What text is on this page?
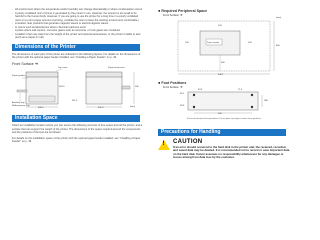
- All environment where the temperature and/or humidity can change dramatically or where condensation occurs
- A poorly ventilated room (Ozone is generated by the printer in use. However, the amount is too small to be harmful to the human body. However, if you are going to use the printer for a long time in a poorly ventilated room or to print a large amount of printing, ventilate the room to keep the working environment comfortable.)
- A location near products that generate magnetic waves or electromagnetic waves
- In rooms such as laboratories where chemical reactions occur
- A place where salt content, corrosive gases such as ammonia, or toxic gases are contained
- A platform that may warp from the weight of the printer and optional accessories, or the printer is liable to sink (such as a carpet or mat)
Dimensions of the Printer

The dimensions of each part of the printer are indicated in the following figures. For details on the dimensions of the printer with the optional paper feeder installed, see "Installing a Paper Feeder" on p. 49.

Front Surface ➜
Paper guides
Top cover
Auxiliary tray
Multi-purpose tray
Paper feed cover
406.9	401.6
196
364.5
311.4
(mm)
Installation Space

Select an installation location where you can secure the following amounts of free space around the printer, and a surface that can support the weight of the printer. The dimensions of the space required around the components and the positions of the feet are as follows.

For details on the installation space of the printer with the optional paper feeder installed, see "Installing a Paper Feeder" on p. 49.

● Required Peripheral Space
Front Surface ➜
(mm)
Paper cassette
100
100	100
500
608.1
800
● Foot Positions
Front Surface ➜
345
288
46.1
38.3
63.5	71.4
The marks denote the foot positions. Do not place any objects under these positions.
Precautions for Handling
! CAUTION
If an error should occurred to the hard disk in the printer unit, the received, recorded, and saved data may be deleted. It is recommended not to record or save important data on the hard disk. Canon assumes no responsibility whatsoever for any damages or losses arising from data loss by the customer.
